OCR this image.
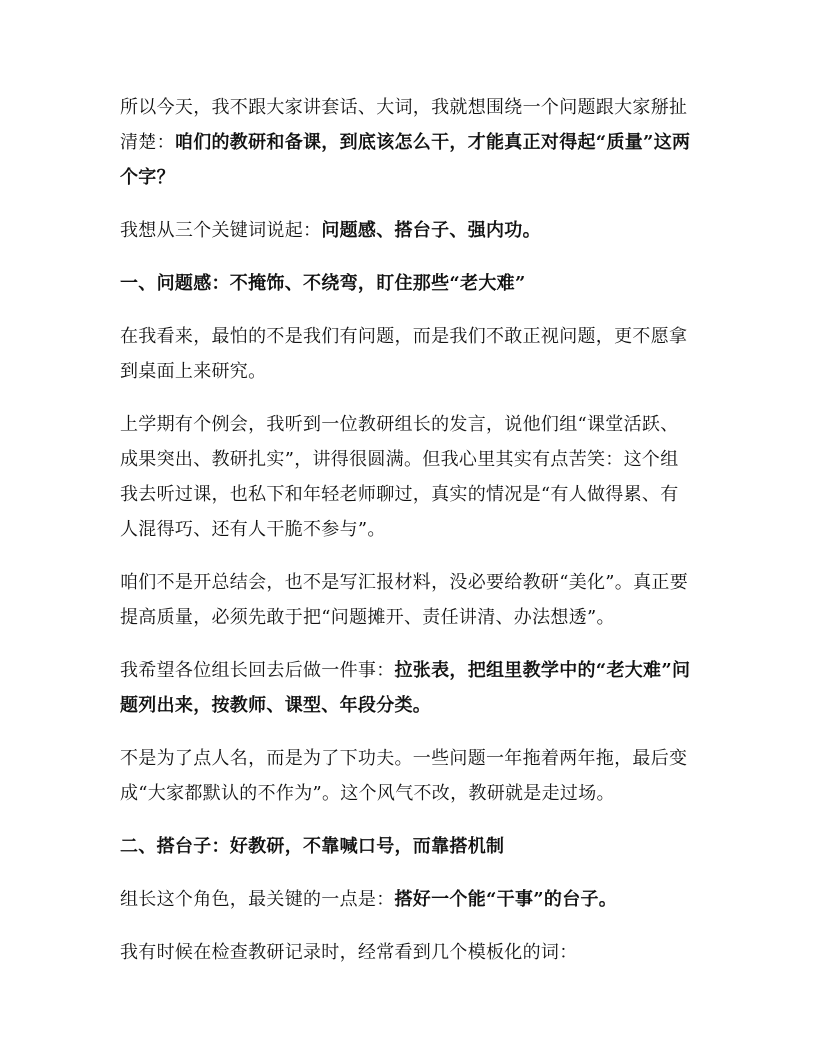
所以今天，我不跟大家讲套话、大词，我就想围绕一个问题跟大家掰扯清楚：咱们的教研和备课，到底该怎么干，才能真正对得起“质量”这两个字？

我想从三个关键词说起：问题感、搭台子、强内功。

一、问题感：不掩饰、不绕弯，盯住那些“老大难”

在我看来，最怕的不是我们有问题，而是我们不敢正视问题，更不愿拿到桌面上来研究。

上学期有个例会，我听到一位教研组长的发言，说他们组“课堂活跃、成果突出、教研扎实”，讲得很圆满。但我心里其实有点苦笑：这个组我去听过课，也私下和年轻老师聊过，真实的情况是“有人做得累、有人混得巧、还有人干脆不参与”。

咱们不是开总结会，也不是写汇报材料，没必要给教研“美化”。真正要提高质量，必须先敢于把“问题摊开、责任讲清、办法想透”。

我希望各位组长回去后做一件事：拉张表，把组里教学中的“老大难”问题列出来，按教师、课型、年段分类。

不是为了点人名，而是为了下功夫。一些问题一年拖着两年拖，最后变成“大家都默认的不作为”。这个风气不改，教研就是走过场。

二、搭台子：好教研，不靠喊口号，而靠搭机制

组长这个角色，最关键的一点是：搭好一个能“干事”的台子。

我有时候在检查教研记录时，经常看到几个模板化的词：
